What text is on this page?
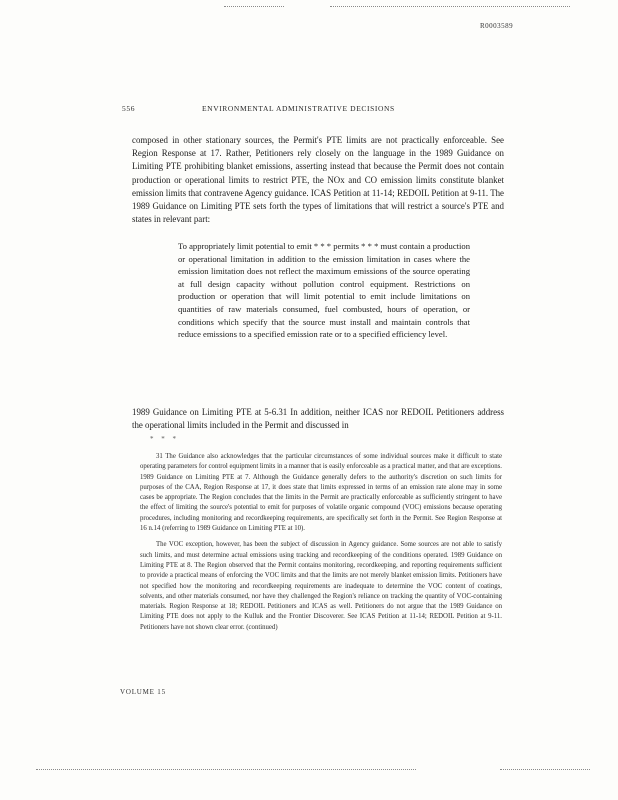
R0003589
556	ENVIRONMENTAL ADMINISTRATIVE DECISIONS

composed in other stationary sources, the Permit's PTE limits are not practically enforceable. See Region Response at 17. Rather, Petitioners rely closely on the language in the 1989 Guidance on Limiting PTE prohibiting blanket emissions, asserting instead that because the Permit does not contain production or operational limits to restrict PTE, the NOx and CO emission limits constitute blanket emission limits that contravene Agency guidance. ICAS Petition at 11-14; REDOIL Petition at 9-11. The 1989 Guidance on Limiting PTE sets forth the types of limitations that will restrict a source's PTE and states in relevant part:

To appropriately limit potential to emit * * * permits * * * must contain a production or operational limitation in addition to the emission limitation in cases where the emission limitation does not reflect the maximum emissions of the source operating at full design capacity without pollution control equipment. Restrictions on production or operation that will limit potential to emit include limitations on quantities of raw materials consumed, fuel combusted, hours of operation, or conditions which specify that the source must install and maintain controls that reduce emissions to a specified emission rate or to a specified efficiency level.
1989 Guidance on Limiting PTE at 5-6.31 In addition, neither ICAS nor REDOIL Petitioners address the operational limits included in the Permit and discussed in
* * *

31 The Guidance also acknowledges that the particular circumstances of some individual sources make it difficult to state operating parameters for control equipment limits in a manner that is easily enforceable as a practical matter, and that are exceptions. 1989 Guidance on Limiting PTE at 7. Although the Guidance generally defers to the authority's discretion on such limits for purposes of the CAA, Region Response at 17, it does state that limits expressed in terms of an emission rate alone may in some cases be appropriate. The Region concludes that the limits in the Permit are practically enforceable as sufficiently stringent to have the effect of limiting the source's potential to emit for purposes of volatile organic compound (VOC) emissions because operating procedures, including monitoring and recordkeeping requirements, are specifically set forth in the Permit. See Region Response at 16 n.14 (referring to 1989 Guidance on Limiting PTE at 10).

The VOC exception, however, has been the subject of discussion in Agency guidance. Some sources are not able to satisfy such limits, and must determine actual emissions using tracking and recordkeeping of the conditions operated. 1989 Guidance on Limiting PTE at 8. The Region observed that the Permit contains monitoring, recordkeeping, and reporting requirements sufficient to provide a practical means of enforcing the VOC limits and that the limits are not merely blanket emission limits. Petitioners have not specified how the monitoring and recordkeeping requirements are inadequate to determine the VOC content of coatings, solvents, and other materials consumed, nor have they challenged the Region's reliance on tracking the quantity of VOC-containing materials. Region Response at 18; REDOIL Petitioners and ICAS as well. Petitioners do not argue that the 1989 Guidance on Limiting PTE does not apply to the Kulluk and the Frontier Discoverer. See ICAS Petition at 11-14; REDOIL Petition at 9-11. Petitioners have not shown clear error. (continued)

VOLUME 15
